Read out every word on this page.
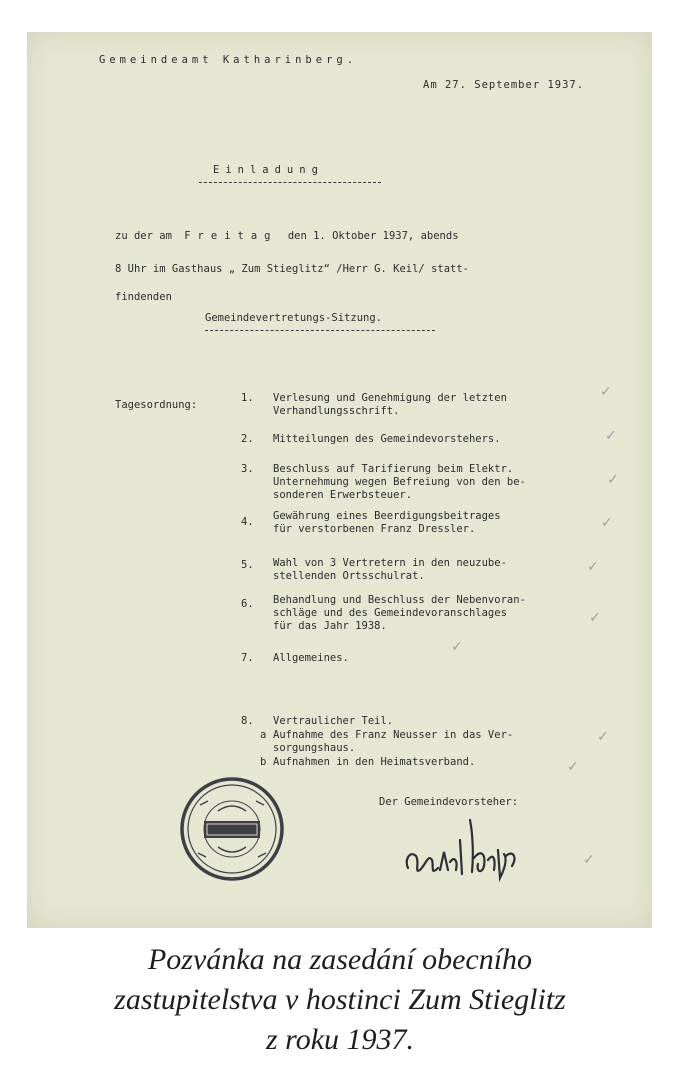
Gemeindeamt Katharinberg.
Am 27. September 1937.
Einladung
zu der am Freitag den 1. Oktober 1937, abends
8 Uhr im Gasthaus „ Zum Stieglitz“ /Herr G. Keil/ statt-
findenden
Gemeindevertretungs-Sitzung.
Tagesordnung:
1. Verlesung und Genehmigung der letzten
Verhandlungsschrift.
2. Mitteilungen des Gemeindevorstehers.
3. Beschluss auf Tarifierung beim Elektr.
Unternehmung wegen Befreiung von den be-
sonderen Erwerbsteuer.
4. Gewährung eines Beerdigungsbeitrages
für verstorbenen Franz Dressler.
5. Wahl von 3 Vertretern in den neuzube-
stellenden Ortsschulrat.
6. Behandlung und Beschluss der Nebenvoran-
schläge und des Gemeindevoranschlages
für das Jahr 1938.
7. Allgemeines.
8. Vertraulicher Teil.
a Aufnahme des Franz Neusser in das Ver-
sorgungshaus.
b Aufnahmen in den Heimatsverband.
Der Gemeindevorsteher:
✓
✓
✓
✓
✓
✓
✓
✓
✓
✓
Pozvánka na zasedání obecního
zastupitelstva v hostinci Zum Stieglitz
z roku 1937.
